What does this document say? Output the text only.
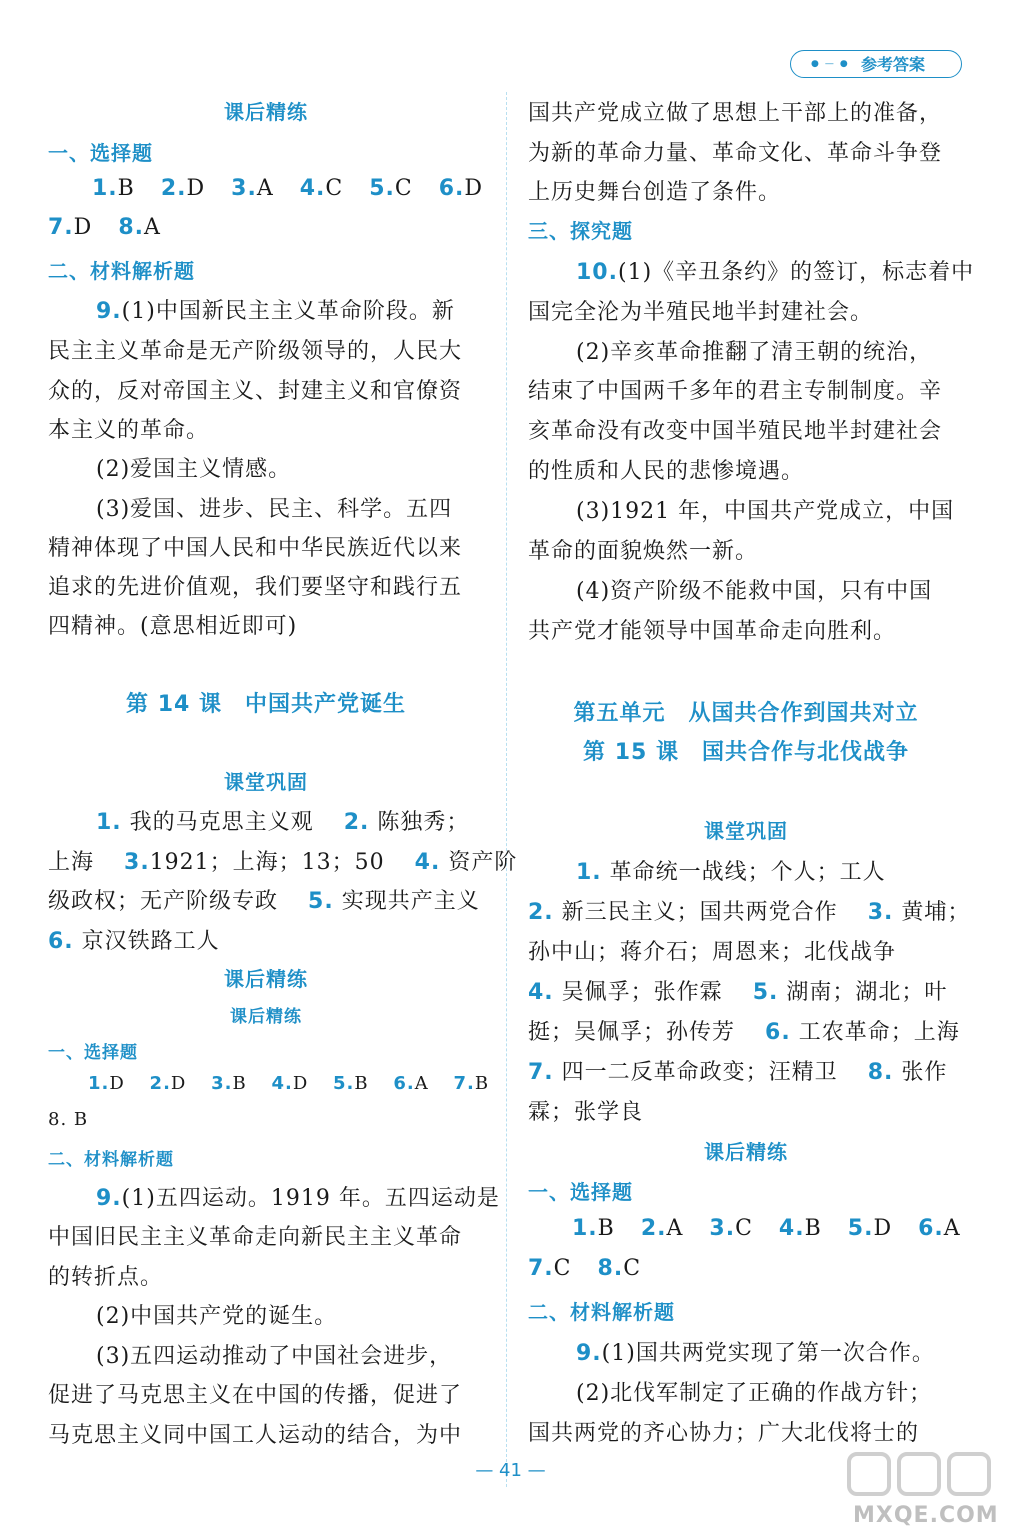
●—● 参考答案
课后精练
一、选择题
1.B 2.D 3.A 4.C 5.C 6.D
7.D 8.A
二、材料解析题
9.(1)中国新民主主义革命阶段。新
民主主义革命是无产阶级领导的，人民大
众的，反对帝国主义、封建主义和官僚资
本主义的革命。
(2)爱国主义情感。
(3)爱国、进步、民主、科学。五四
精神体现了中国人民和中华民族近代以来
追求的先进价值观，我们要坚守和践行五
四精神。(意思相近即可)
第 14 课　中国共产党诞生
课堂巩固
1. 我的马克思主义观 2. 陈独秀；
上海 3.1921；上海；13；50 4. 资产阶
级政权；无产阶级专政 5. 实现共产主义
6. 京汉铁路工人
课后精练
课后精练
一、选择题
1.D 2.D 3.B 4.D 5.B 6.A 7.B
8. B
二、材料解析题
9.(1)五四运动。1919 年。五四运动是
中国旧民主主义革命走向新民主主义革命
的转折点。
(2)中国共产党的诞生。
(3)五四运动推动了中国社会进步，
促进了马克思主义在中国的传播，促进了
马克思主义同中国工人运动的结合，为中
国共产党成立做了思想上干部上的准备，
为新的革命力量、革命文化、革命斗争登
上历史舞台创造了条件。
三、探究题
10.(1)《辛丑条约》的签订，标志着中
国完全沦为半殖民地半封建社会。
(2)辛亥革命推翻了清王朝的统治，
结束了中国两千多年的君主专制制度。辛
亥革命没有改变中国半殖民地半封建社会
的性质和人民的悲惨境遇。
(3)1921 年，中国共产党成立，中国
革命的面貌焕然一新。
(4)资产阶级不能救中国，只有中国
共产党才能领导中国革命走向胜利。
第五单元　从国共合作到国共对立
第 15 课　国共合作与北伐战争
课堂巩固
1. 革命统一战线；个人；工人
2. 新三民主义；国共两党合作 3. 黄埔；
孙中山；蒋介石；周恩来；北伐战争
4. 吴佩孚；张作霖 5. 湖南；湖北；叶
挺；吴佩孚；孙传芳 6. 工农革命；上海
7. 四一二反革命政变；汪精卫 8. 张作
霖；张学良
课后精练
一、选择题
1.B 2.A 3.C 4.B 5.D 6.A
7.C 8.C
二、材料解析题
9.(1)国共两党实现了第一次合作。
(2)北伐军制定了正确的作战方针；
国共两党的齐心协力；广大北伐将士的
— 41 —
MXQE.COM
